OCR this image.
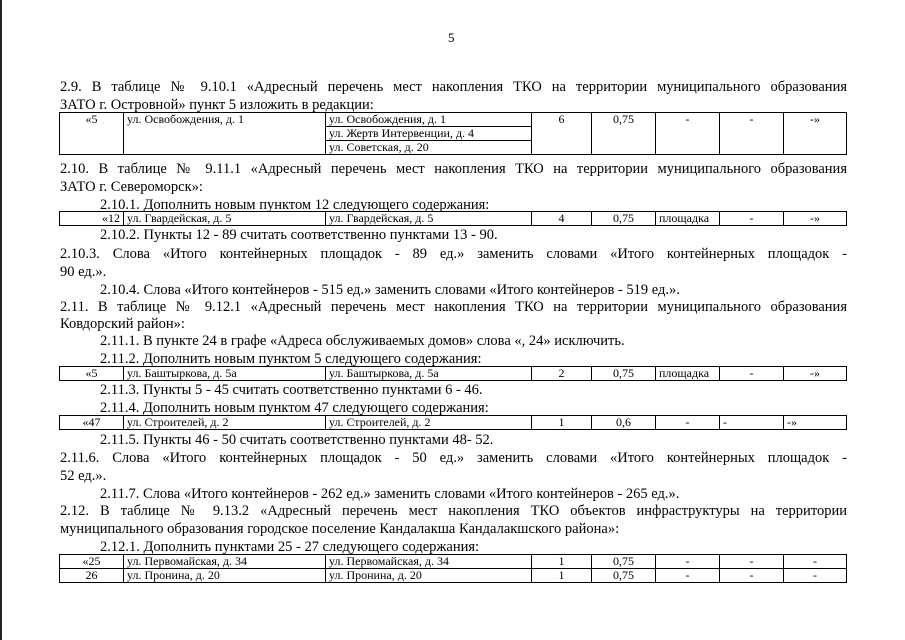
5
2.9. В таблице № 9.10.1 «Адресный перечень мест накопления ТКО на территории муниципального образования
ЗАТО г. Островной» пункт 5 изложить в редакции:
«5	ул. Освобождения, д. 1	ул. Освобождения, д. 1	6	0,75	-	-	-»
ул. Жертв Интервенции, д. 4
ул. Советская, д. 20
2.10. В таблице № 9.11.1 «Адресный перечень мест накопления ТКО на территории муниципального образования
ЗАТО г. Североморск»:
2.10.1. Дополнить новым пунктом 12 следующего содержания:
«12	ул. Гвардейская, д. 5	ул. Гвардейская, д. 5	4	0,75	площадка	-	-»
2.10.2. Пункты 12 - 89 считать соответственно пунктами 13 - 90.
2.10.3. Слова «Итого контейнерных площадок - 89 ед.» заменить словами «Итого контейнерных площадок -
90 ед.».
2.10.4. Слова «Итого контейнеров - 515 ед.» заменить словами «Итого контейнеров - 519 ед.».
2.11. В таблице № 9.12.1 «Адресный перечень мест накопления ТКО на территории муниципального образования
Ковдорский район»:
2.11.1. В пункте 24 в графе «Адреса обслуживаемых домов» слова «, 24» исключить.
2.11.2. Дополнить новым пунктом 5 следующего содержания:
«5	ул. Баштыркова, д. 5а	ул. Баштыркова, д. 5а	2	0,75	площадка	-	-»
2.11.3. Пункты 5 - 45 считать соответственно пунктами 6 - 46.
2.11.4. Дополнить новым пунктом 47 следующего содержания:
«47	ул. Строителей, д. 2	ул. Строителей, д. 2	1	0,6	-	-	-»
2.11.5. Пункты 46 - 50 считать соответственно пунктами 48- 52.
2.11.6. Слова «Итого контейнерных площадок - 50 ед.» заменить словами «Итого контейнерных площадок -
52 ед.».
2.11.7. Слова «Итого контейнеров - 262 ед.» заменить словами «Итого контейнеров - 265 ед.».
2.12. В таблице № 9.13.2 «Адресный перечень мест накопления ТКО объектов инфраструктуры на территории
муниципального образования городское поселение Кандалакша Кандалакшского района»:
2.12.1. Дополнить пунктами 25 - 27 следующего содержания:
«25	ул. Первомайская, д. 34	ул. Первомайская, д. 34	1	0,75	-	-	-
26	ул. Пронина, д. 20	ул. Пронина, д. 20	1	0,75	-	-	-
